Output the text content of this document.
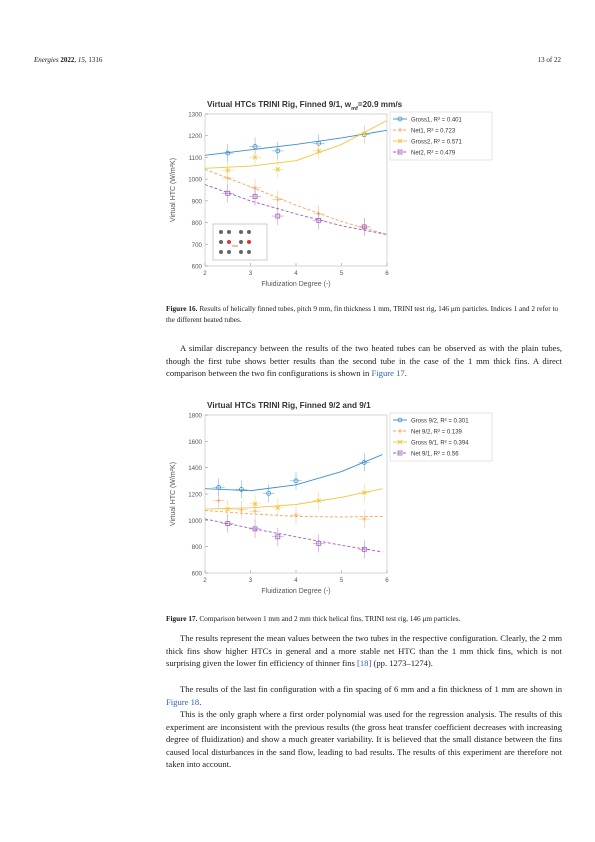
Energies 2022, 15, 1316	13 of 22
Virtual HTCs TRINI Rig, Finned 9/1, $w_{mf}=20.9$ mm/s
600
700
800
900
1000
1100
1200
1300
2	3	4	5	6
Fluidization Degree (-)
Virtual HTC (W/m²K)
Gross1, R² = 0.401
Net1, R² = 0.723
Gross2, R² = 0.571
Net2, R² = 0.479
Figure 16. Results of helically finned tubes, pitch 9 mm, fin thickness 1 mm, TRINI test rig, 146 μm particles. Indices 1 and 2 refer to the different heated tubes.
A similar discrepancy between the results of the two heated tubes can be observed as with the plain tubes, though the first tube shows better results than the second tube in the case of the 1 mm thick fins. A direct comparison between the two fin configurations is shown in Figure 17.
Virtual HTCs TRINI Rig, Finned 9/2 and 9/1
600
800
1000
1200
1400
1600
1800
2	3	4	5	6
Fluidization Degree (-)
Virtual HTC (W/m²K)
Gross 9/2, R² = 0.301
Net 9/2, R² = 0.139
Gross 9/1, R² = 0.394
Net 9/1, R² = 0.56
Figure 17. Comparison between 1 mm and 2 mm thick helical fins, TRINI test rig, 146 μm particles.
The results represent the mean values between the two tubes in the respective configuration. Clearly, the 2 mm thick fins show higher HTCs in general and a more stable net HTC than the 1 mm thick fins, which is not surprising given the lower fin efficiency of thinner fins [18] (pp. 1273–1274).
The results of the last fin configuration with a fin spacing of 6 mm and a fin thickness of 1 mm are shown in Figure 18.
This is the only graph where a first order polynomial was used for the regression analysis. The results of this experiment are inconsistent with the previous results (the gross heat transfer coefficient decreases with increasing degree of fluidization) and show a much greater variability. It is believed that the small distance between the fins caused local disturbances in the sand flow, leading to bad results. The results of this experiment are therefore not taken into account.
